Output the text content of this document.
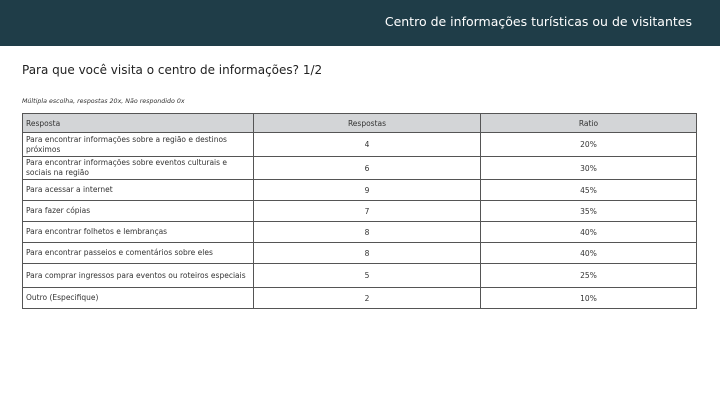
Centro de informações turísticas ou de visitantes
Para que você visita o centro de informações? 1/2
Múltipla escolha, respostas 20x, Não respondido 0x
Resposta	Respostas	Ratio
Para encontrar informações sobre a região e destinos próximos	4	20%
Para encontrar informações sobre eventos culturais e sociais na região	6	30%
Para acessar a internet	9	45%
Para fazer cópias	7	35%
Para encontrar folhetos e lembranças	8	40%
Para encontrar passeios e comentários sobre eles	8	40%
Para comprar ingressos para eventos ou roteiros especiais	5	25%
Outro (Especifique)	2	10%
